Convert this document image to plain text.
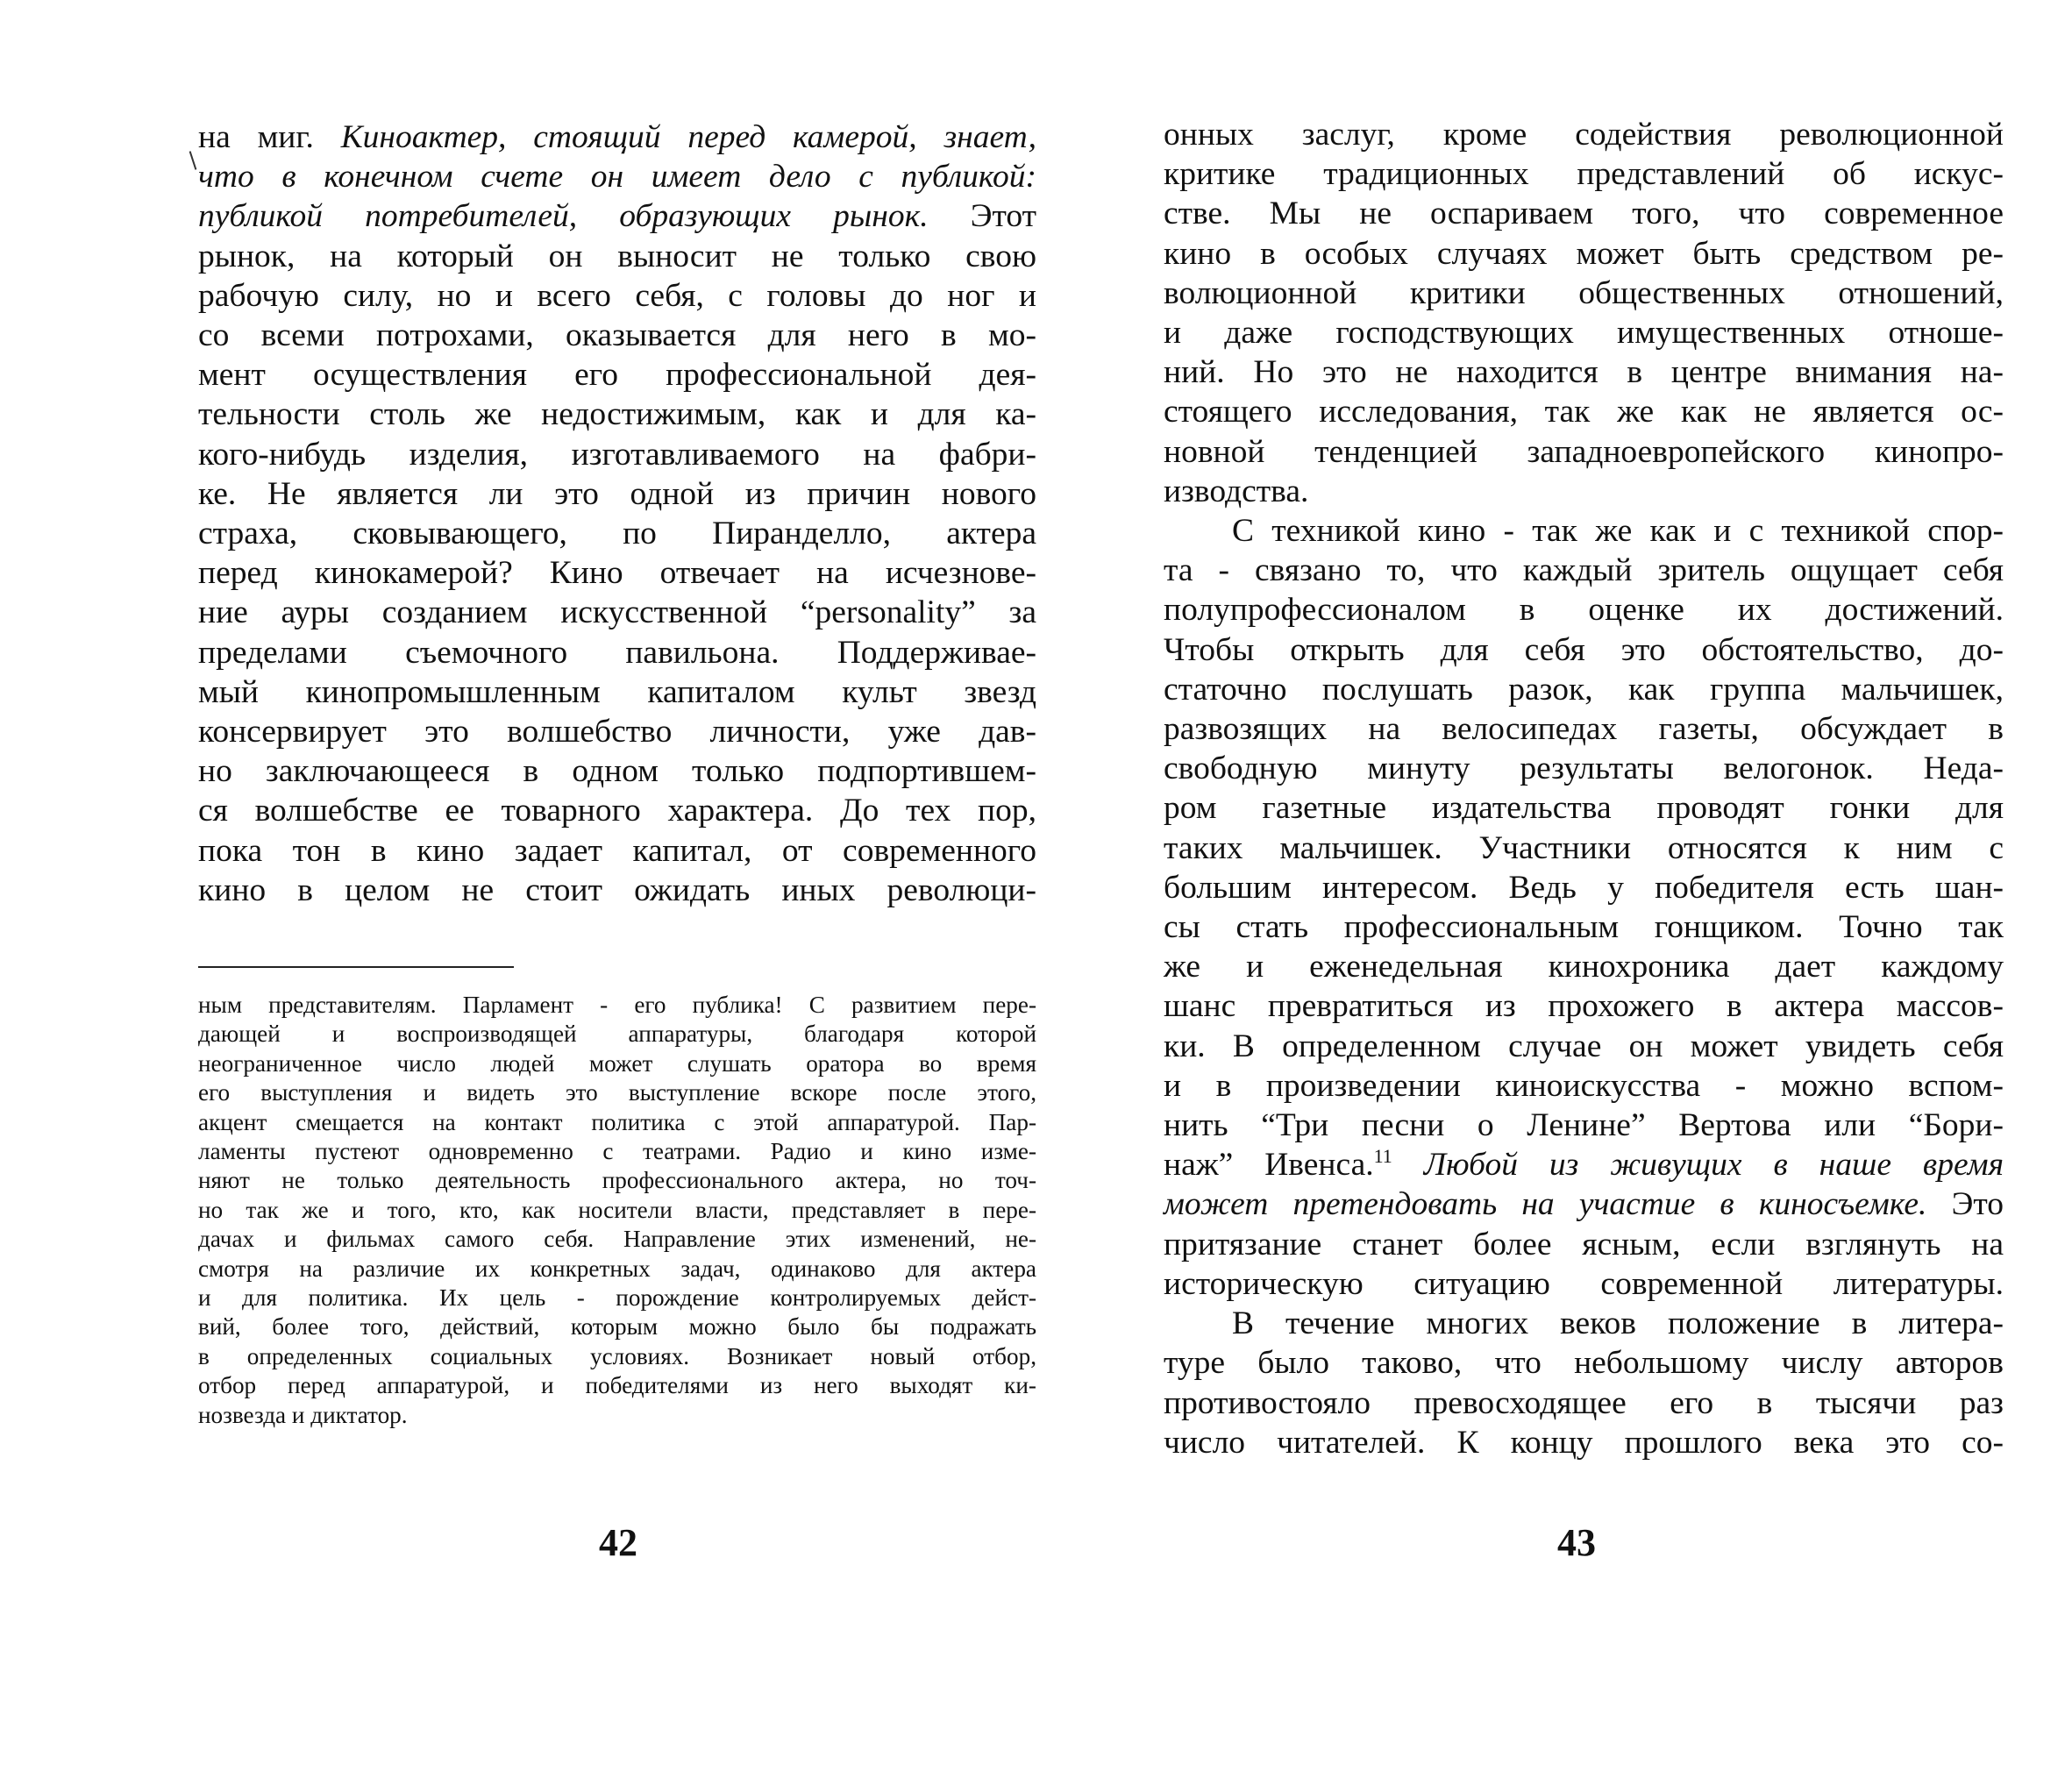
на миг. Киноактер, стоящий перед камерой, знает,
что в конечном счете он имеет дело с публикой:
публикой потребителей, образующих рынок. Этот
рынок, на который он выносит не только свою
рабочую силу, но и всего себя, с головы до ног и
со всеми потрохами, оказывается для него в мо-
мент осуществления его профессиональной дея-
тельности столь же недостижимым, как и для ка-
кого-нибудь изделия, изготавливаемого на фабри-
ке. Не является ли это одной из причин нового
страха, сковывающего, по Пиранделло, актера
перед кинокамерой? Кино отвечает на исчезнове-
ние ауры созданием искусственной “personality” за
пределами съемочного павильона. Поддерживае-
мый кинопромышленным капиталом культ звезд
консервирует это волшебство личности, уже дав-
но заключающееся в одном только подпортившем-
ся волшебстве ее товарного характера. До тех пор,
пока тон в кино задает капитал, от современного
кино в целом не стоит ожидать иных революци-
ным представителям. Парламент - его публика! С развитием пере-
дающей и воспроизводящей аппаратуры, благодаря которой
неограниченное число людей может слушать оратора во время
его выступления и видеть это выступление вскоре после этого,
акцент смещается на контакт политика с этой аппаратурой. Пар-
ламенты пустеют одновременно с театрами. Радио и кино изме-
няют не только деятельность профессионального актера, но точ-
но так же и того, кто, как носители власти, представляет в пере-
дачах и фильмах самого себя. Направление этих изменений, не-
смотря на различие их конкретных задач, одинаково для актера
и для политика. Их цель - порождение контролируемых дейст-
вий, более того, действий, которым можно было бы подражать
в определенных социальных условиях. Возникает новый отбор,
отбор перед аппаратурой, и победителями из него выходят ки-
нозвезда и диктатор.
42
онных заслуг, кроме содействия революционной
критике традиционных представлений об искус-
стве. Мы не оспариваем того, что современное
кино в особых случаях может быть средством ре-
волюционной критики общественных отношений,
и даже господствующих имущественных отноше-
ний. Но это не находится в центре внимания на-
стоящего исследования, так же как не является ос-
новной тенденцией западноевропейского кинопро-
изводства.
С техникой кино - так же как и с техникой спор-
та - связано то, что каждый зритель ощущает себя
полупрофессионалом в оценке их достижений.
Чтобы открыть для себя это обстоятельство, до-
статочно послушать разок, как группа мальчишек,
развозящих на велосипедах газеты, обсуждает в
свободную минуту результаты велогонок. Неда-
ром газетные издательства проводят гонки для
таких мальчишек. Участники относятся к ним с
большим интересом. Ведь у победителя есть шан-
сы стать профессиональным гонщиком. Точно так
же и еженедельная кинохроника дает каждому
шанс превратиться из прохожего в актера массов-
ки. В определенном случае он может увидеть себя
и в произведении киноискусства - можно вспом-
нить “Три песни о Ленине” Вертова или “Бори-
наж” Ивенса.$^{11}$ Любой из живущих в наше время
может претендовать на участие в киносъемке. Это
притязание станет более ясным, если взглянуть на
историческую ситуацию современной литературы.
В течение многих веков положение в литера-
туре было таково, что небольшому числу авторов
противостояло превосходящее его в тысячи раз
число читателей. К концу прошлого века это со-
43
